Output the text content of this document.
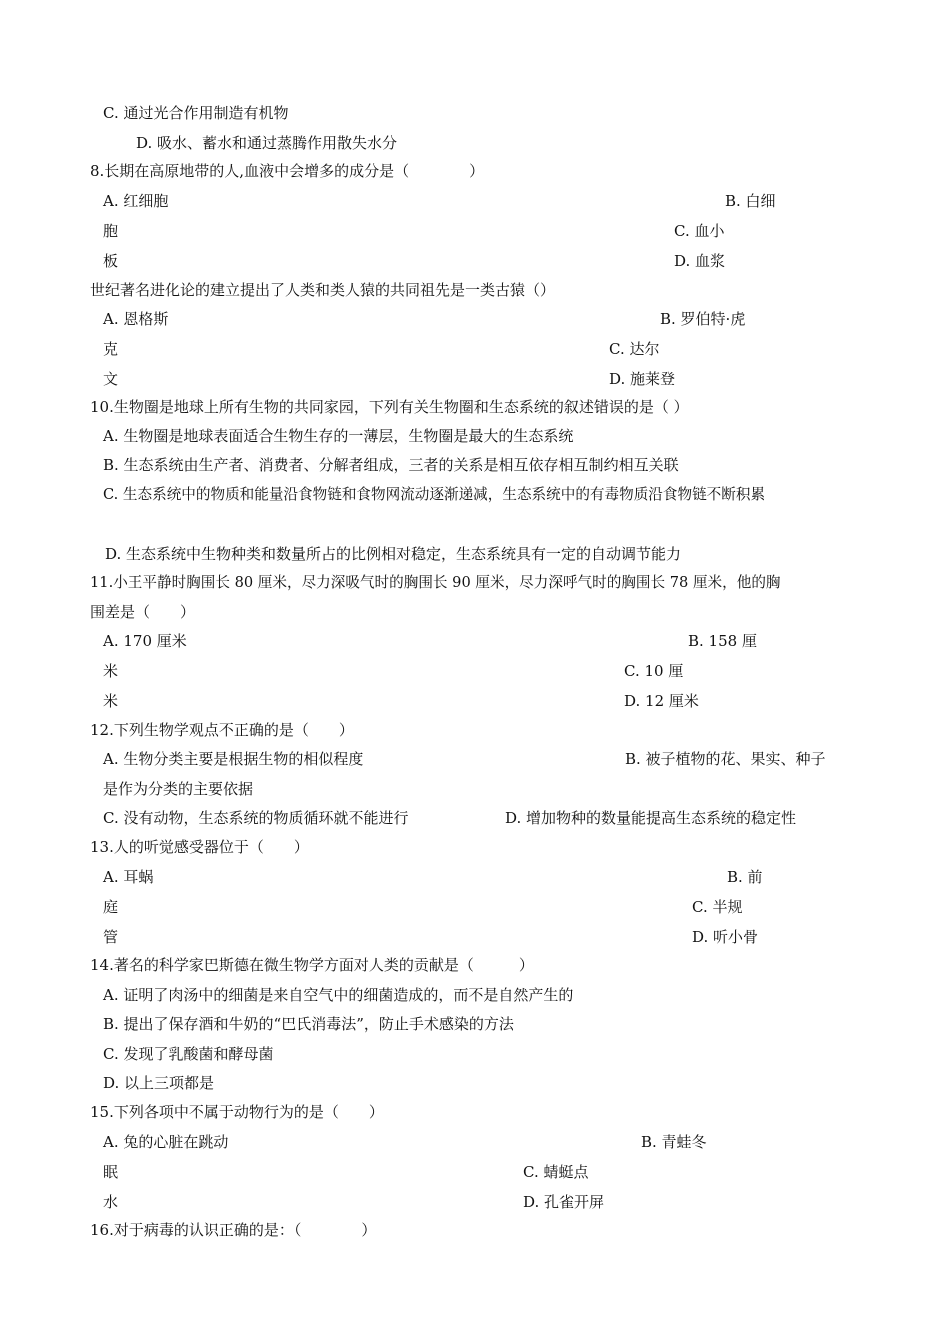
C. 通过光合作用制造有机物
D. 吸水、蓄水和通过蒸腾作用散失水分
8.长期在高原地带的人,血液中会增多的成分是（　　　　）
A. 红细胞	B. 白细
胞	C. 血小
板	D. 血浆
世纪著名进化论的建立提出了人类和类人猿的共同祖先是一类古猿（）
A. 恩格斯	B. 罗伯特·虎
克	C. 达尔
文	D. 施莱登
10.生物圈是地球上所有生物的共同家园，下列有关生物圈和生态系统的叙述错误的是（ ）
A. 生物圈是地球表面适合生物生存的一薄层，生物圈是最大的生态系统
B. 生态系统由生产者、消费者、分解者组成，三者的关系是相互依存相互制约相互关联
C. 生态系统中的物质和能量沿食物链和食物网流动逐渐递减，生态系统中的有毒物质沿食物链不断积累
D. 生态系统中生物种类和数量所占的比例相对稳定，生态系统具有一定的自动调节能力
11.小王平静时胸围长 80 厘米，尽力深吸气时的胸围长 90 厘米，尽力深呼气时的胸围长 78 厘米，他的胸
围差是（　　）
A. 170 厘米	B. 158 厘
米	C. 10 厘
米	D. 12 厘米
12.下列生物学观点不正确的是（　　）
A. 生物分类主要是根据生物的相似程度	B. 被子植物的花、果实、种子
是作为分类的主要依据
C. 没有动物，生态系统的物质循环就不能进行	D. 增加物种的数量能提高生态系统的稳定性
13.人的听觉感受器位于（　　）
A. 耳蜗	B. 前
庭	C. 半规
管	D. 听小骨
14.著名的科学家巴斯德在微生物学方面对人类的贡献是（　　　）
A. 证明了肉汤中的细菌是来自空气中的细菌造成的，而不是自然产生的
B. 提出了保存酒和牛奶的“巴氏消毒法”，防止手术感染的方法
C. 发现了乳酸菌和酵母菌
D. 以上三项都是
15.下列各项中不属于动物行为的是（　　）
A. 兔的心脏在跳动	B. 青蛙冬
眠	C. 蜻蜓点
水	D. 孔雀开屏
16.对于病毒的认识正确的是：（　　　　）
